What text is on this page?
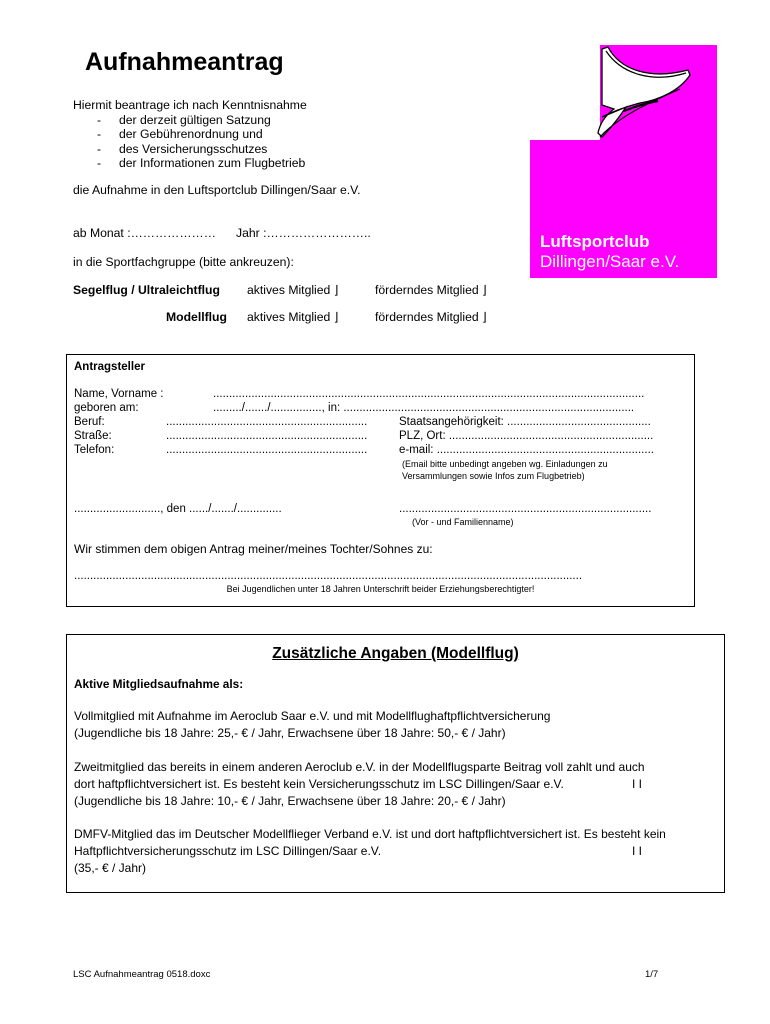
Aufnahmeantrag
Hiermit beantrage ich nach Kenntnisnahme
- der derzeit gültigen Satzung
- der Gebührenordnung und
- des Versicherungsschutzes
- der Informationen zum Flugbetrieb
die Aufnahme in den Luftsportclub Dillingen/Saar e.V.
Luftsportclub
Dillingen/Saar e.V.
ab Monat :………………… Jahr :……………………..
in die Sportfachgruppe (bitte ankreuzen):
Segelflug / Ultraleichtflug aktives Mitglied ⌋	förderndes Mitglied ⌋
Modellflug aktives Mitglied ⌋	förderndes Mitglied ⌋
Antragsteller
Name, Vorname :	.......................................................................................................................................
geboren am:	........./......./................, in: ...........................................................................................
Beruf:	...............................................................	Staatsangehörigkeit: .............................................
Straße:	...............................................................	PLZ, Ort: ................................................................
Telefon:	...............................................................	e-mail: ....................................................................
(Email bitte unbedingt angeben wg. Einladungen zu
Versammlungen sowie Infos zum Flugbetrieb)
..........................., den ....../......./..............	...............................................................................
(Vor - und Familienname)
Wir stimmen dem obigen Antrag meiner/meines Tochter/Sohnes zu:
...............................................................................................................................................................
Bei Jugendlichen unter 18 Jahren Unterschrift beider Erziehungsberechtigter!
Zusätzliche Angaben (Modellflug)
Aktive Mitgliedsaufnahme als:
Vollmitglied mit Aufnahme im Aeroclub Saar e.V. und mit Modellflughaftpflichtversicherung
(Jugendliche bis 18 Jahre: 25,- € / Jahr, Erwachsene über 18 Jahre: 50,- € / Jahr)
Zweitmitglied das bereits in einem anderen Aeroclub e.V. in der Modellflugsparte Beitrag voll zahlt und auch
dort haftpflichtversichert ist. Es besteht kein Versicherungsschutz im LSC Dillingen/Saar e.V.
(Jugendliche bis 18 Jahre: 10,- € / Jahr, Erwachsene über 18 Jahre: 20,- € / Jahr)
I I
DMFV-Mitglied das im Deutscher Modellflieger Verband e.V. ist und dort haftpflichtversichert ist. Es besteht kein
Haftpflichtversicherungsschutz im LSC Dillingen/Saar e.V.
(35,- € / Jahr)
I I
LSC Aufnahmeantrag 0518.doxc	1/7
